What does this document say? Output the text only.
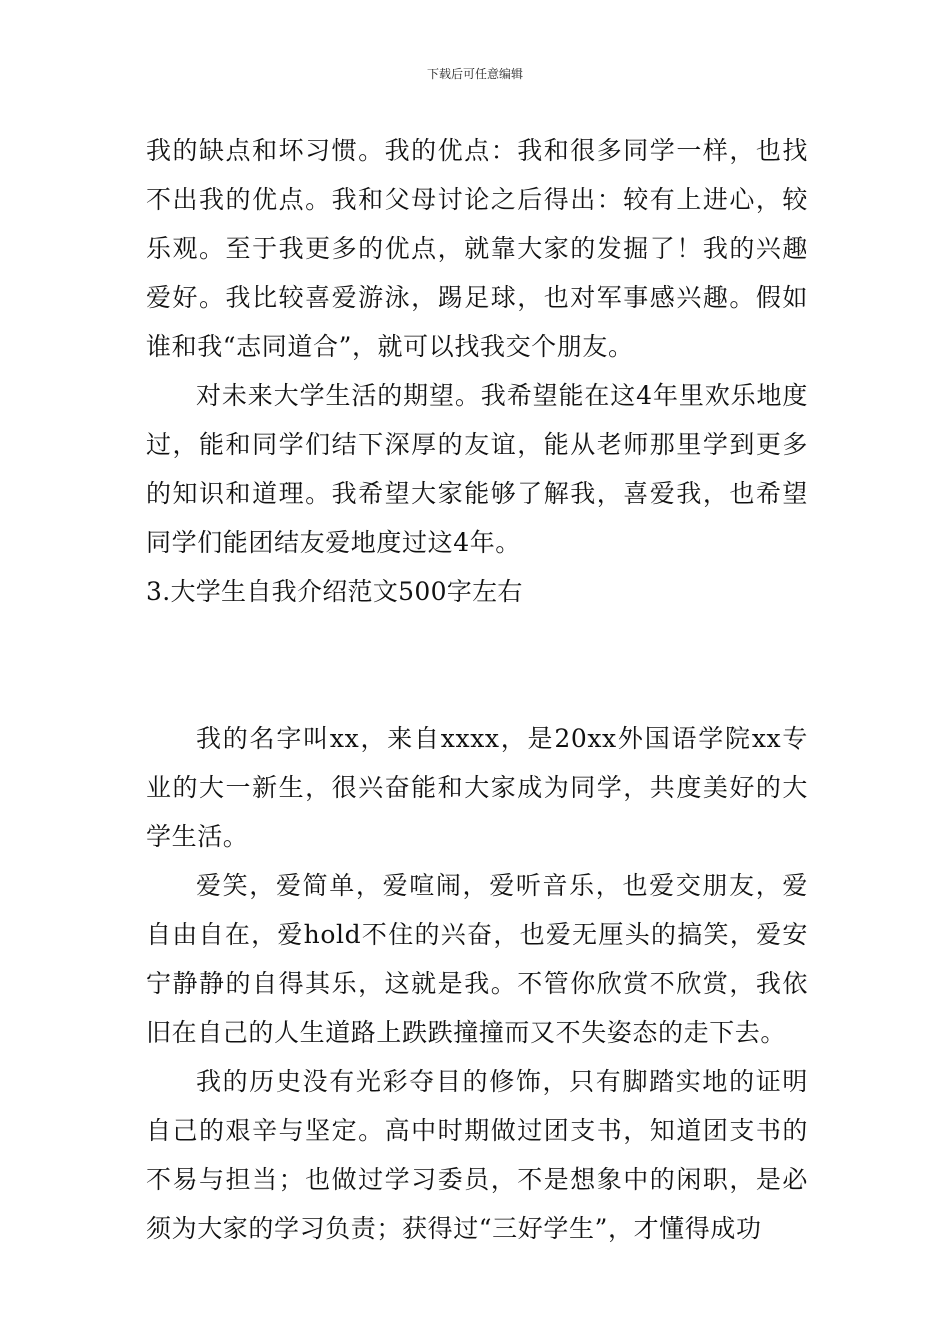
下载后可任意编辑

我的缺点和坏习惯。我的优点：我和很多同学一样，也找不出我的优点。我和父母讨论之后得出：较有上进心，较乐观。至于我更多的优点，就靠大家的发掘了！我的兴趣爱好。我比较喜爱游泳，踢足球，也对军事感兴趣。假如谁和我“志同道合”，就可以找我交个朋友。

对未来大学生活的期望。我希望能在这4年里欢乐地度过，能和同学们结下深厚的友谊，能从老师那里学到更多的知识和道理。我希望大家能够了解我，喜爱我，也希望同学们能团结友爱地度过这4年。

3.大学生自我介绍范文500字左右

我的名字叫xx，来自xxxx，是20xx外国语学院xx专业的大一新生，很兴奋能和大家成为同学，共度美好的大学生活。

爱笑，爱简单，爱喧闹，爱听音乐，也爱交朋友，爱自由自在，爱hold不住的兴奋，也爱无厘头的搞笑，爱安宁静静的自得其乐，这就是我。不管你欣赏不欣赏，我依旧在自己的人生道路上跌跌撞撞而又不失姿态的走下去。

我的历史没有光彩夺目的修饰，只有脚踏实地的证明自己的艰辛与坚定。高中时期做过团支书，知道团支书的不易与担当；也做过学习委员，不是想象中的闲职，是必须为大家的学习负责；获得过“三好学生”，才懂得成功
